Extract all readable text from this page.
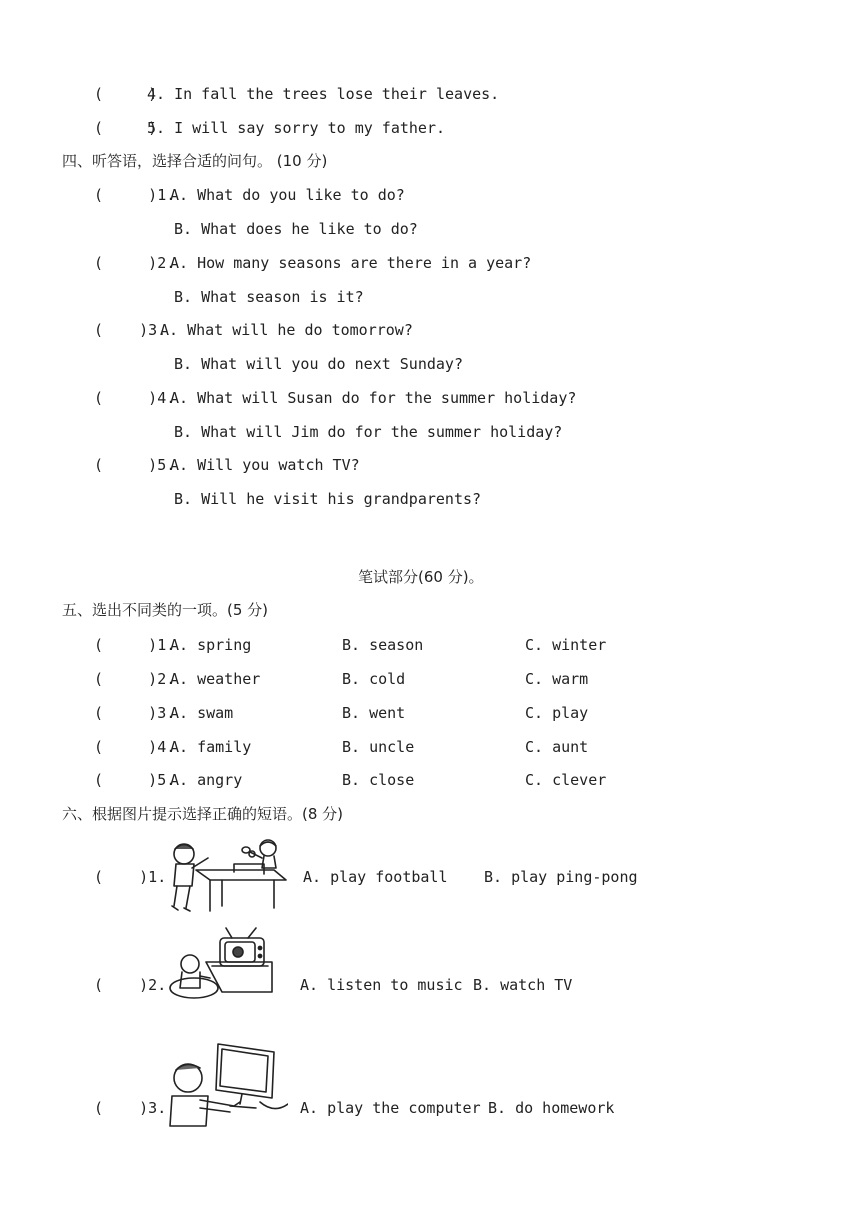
(     )
4. In fall the trees lose their leaves.
(     )
5. I will say sorry to my father.
四、听答语，选择合适的问句。 (10 分)
(     )1.
A. What do you like to do?
B. What does he like to do?
(     )2.
A. How many seasons are there in a year?
B. What season is it?
(    )3.
A. What will he do tomorrow?
B. What will you do next Sunday?
(     )4.
A. What will Susan do for the summer holiday?
B. What will Jim do for the summer holiday?
(     )5.
A. Will you watch TV?
B. Will he visit his grandparents?
笔试部分(60 分)。
五、选出不同类的一项。(5 分)
(     )1.
A. spring	B. season	C. winter
(     )2.
A. weather	B. cold	C. warm
(     )3.
A. swam	B. went	C. play
(     )4.
A. family	B. uncle	C. aunt
(     )5.
A. angry	B. close	C. clever
六、根据图片提示选择正确的短语。(8 分)
(    )1.	A. play football B. play ping-pong
(    )2.	A. listen to music B. watch TV
(    )3.	A. play the computer B. do homework
